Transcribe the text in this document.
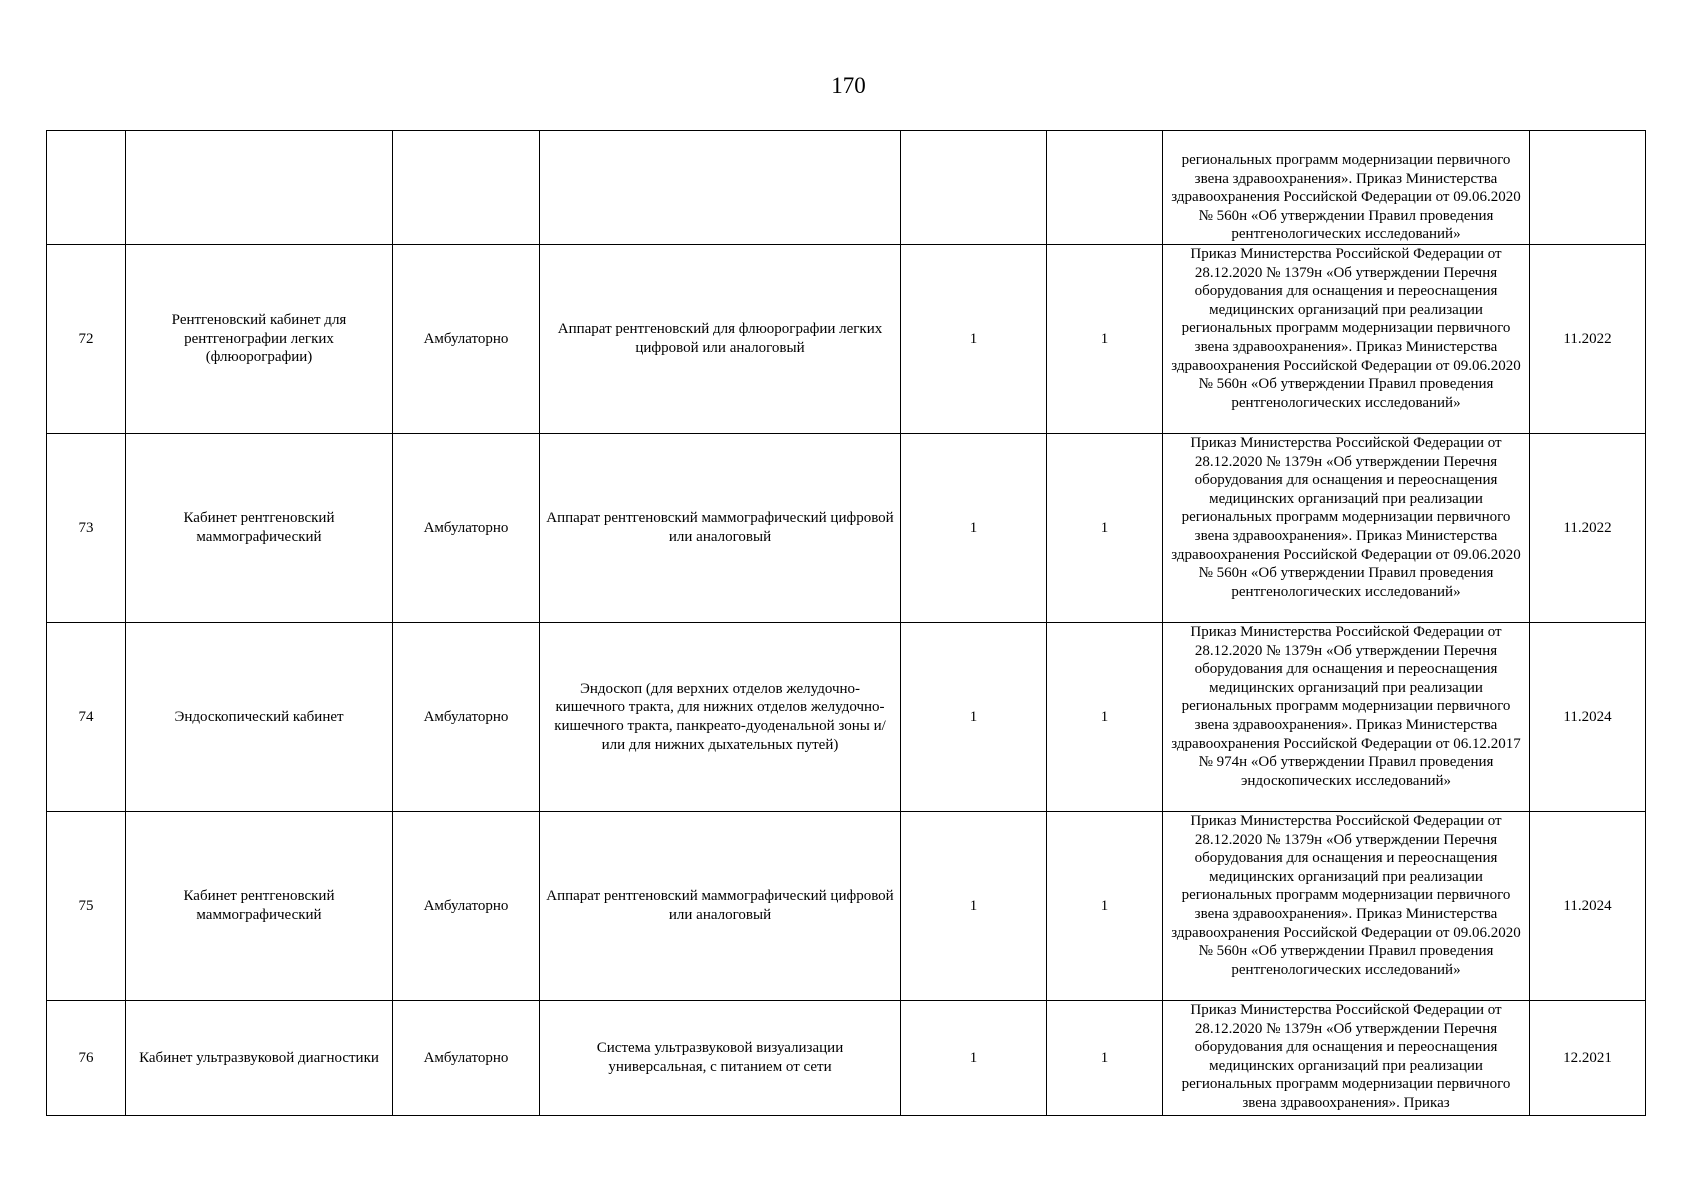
170
						региональных программ модернизации первичного звена здравоохранения». Приказ Министерства здравоохранения Российской Федерации от 09.06.2020 № 560н «Об утверждении Правил проведения рентгенологических исследований»	
72	Рентгеновский кабинет для рентгенографии легких (флюорографии)	Амбулаторно	Аппарат рентгеновский для флюорографии легких цифровой или аналоговый	1	1	Приказ Министерства Российской Федерации от 28.12.2020 № 1379н «Об утверждении Перечня оборудования для оснащения и переоснащения медицинских организаций при реализации региональных программ модернизации первичного звена здравоохранения». Приказ Министерства здравоохранения Российской Федерации от 09.06.2020 № 560н «Об утверждении Правил проведения рентгенологических исследований»	11.2022
73	Кабинет рентгеновский маммографический	Амбулаторно	Аппарат рентгеновский маммографический цифровой или аналоговый	1	1	Приказ Министерства Российской Федерации от 28.12.2020 № 1379н «Об утверждении Перечня оборудования для оснащения и переоснащения медицинских организаций при реализации региональных программ модернизации первичного звена здравоохранения». Приказ Министерства здравоохранения Российской Федерации от 09.06.2020 № 560н «Об утверждении Правил проведения рентгенологических исследований»	11.2022
74	Эндоскопический кабинет	Амбулаторно	Эндоскоп (для верхних отделов желудочно-кишечного тракта, для нижних отделов желудочно-кишечного тракта, панкреато-дуоденальной зоны и/или для нижних дыхательных путей)	1	1	Приказ Министерства Российской Федерации от 28.12.2020 № 1379н «Об утверждении Перечня оборудования для оснащения и переоснащения медицинских организаций при реализации региональных программ модернизации первичного звена здравоохранения». Приказ Министерства здравоохранения Российской Федерации от 06.12.2017 № 974н «Об утверждении Правил проведения эндоскопических исследований»	11.2024
75	Кабинет рентгеновский маммографический	Амбулаторно	Аппарат рентгеновский маммографический цифровой или аналоговый	1	1	Приказ Министерства Российской Федерации от 28.12.2020 № 1379н «Об утверждении Перечня оборудования для оснащения и переоснащения медицинских организаций при реализации региональных программ модернизации первичного звена здравоохранения». Приказ Министерства здравоохранения Российской Федерации от 09.06.2020 № 560н «Об утверждении Правил проведения рентгенологических исследований»	11.2024
76	Кабинет ультразвуковой диагностики	Амбулаторно	Система ультразвуковой визуализации универсальная, с питанием от сети	1	1	Приказ Министерства Российской Федерации от 28.12.2020 № 1379н «Об утверждении Перечня оборудования для оснащения и переоснащения медицинских организаций при реализации региональных программ модернизации первичного звена здравоохранения». Приказ	12.2021
